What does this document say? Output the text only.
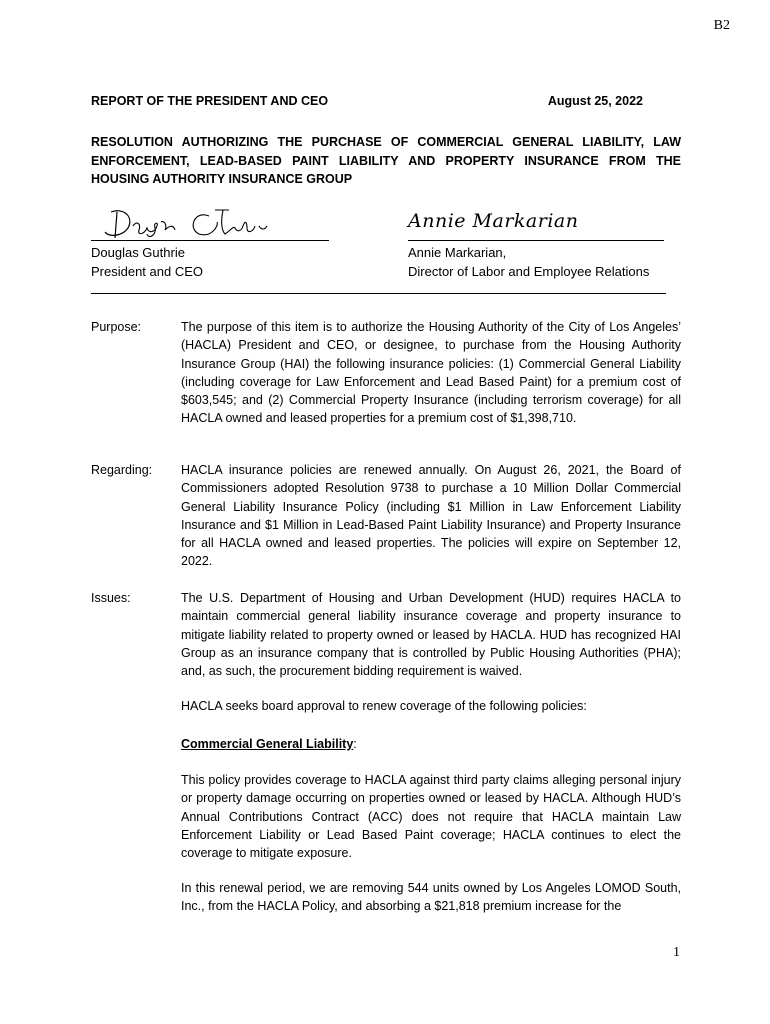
B2
REPORT OF THE PRESIDENT AND CEO	August 25, 2022
RESOLUTION AUTHORIZING THE PURCHASE OF COMMERCIAL GENERAL LIABILITY, LAW ENFORCEMENT, LEAD-BASED PAINT LIABILITY AND PROPERTY INSURANCE FROM THE HOUSING AUTHORITY INSURANCE GROUP
Douglas Guthrie
President and CEO
Annie Markarian
Annie Markarian,
Director of Labor and Employee Relations
Purpose:	The purpose of this item is to authorize the Housing Authority of the City of Los Angeles’ (HACLA) President and CEO, or designee, to purchase from the Housing Authority Insurance Group (HAI) the following insurance policies: (1) Commercial General Liability (including coverage for Law Enforcement and Lead Based Paint) for a premium cost of $603,545; and (2) Commercial Property Insurance (including terrorism coverage) for all HACLA owned and leased properties for a premium cost of $1,398,710.
Regarding:	HACLA insurance policies are renewed annually. On August 26, 2021, the Board of Commissioners adopted Resolution 9738 to purchase a 10 Million Dollar Commercial General Liability Insurance Policy (including $1 Million in Law Enforcement Liability Insurance and $1 Million in Lead-Based Paint Liability Insurance) and Property Insurance for all HACLA owned and leased properties. The policies will expire on September 12, 2022.
Issues:	The U.S. Department of Housing and Urban Development (HUD) requires HACLA to maintain commercial general liability insurance coverage and property insurance to mitigate liability related to property owned or leased by HACLA. HUD has recognized HAI Group as an insurance company that is controlled by Public Housing Authorities (PHA); and, as such, the procurement bidding requirement is waived.
HACLA seeks board approval to renew coverage of the following policies:
Commercial General Liability:
This policy provides coverage to HACLA against third party claims alleging personal injury or property damage occurring on properties owned or leased by HACLA. Although HUD’s Annual Contributions Contract (ACC) does not require that HACLA maintain Law Enforcement Liability or Lead Based Paint coverage; HACLA continues to elect the coverage to mitigate exposure.
In this renewal period, we are removing 544 units owned by Los Angeles LOMOD South, Inc., from the HACLA Policy, and absorbing a $21,818 premium increase for the
1
